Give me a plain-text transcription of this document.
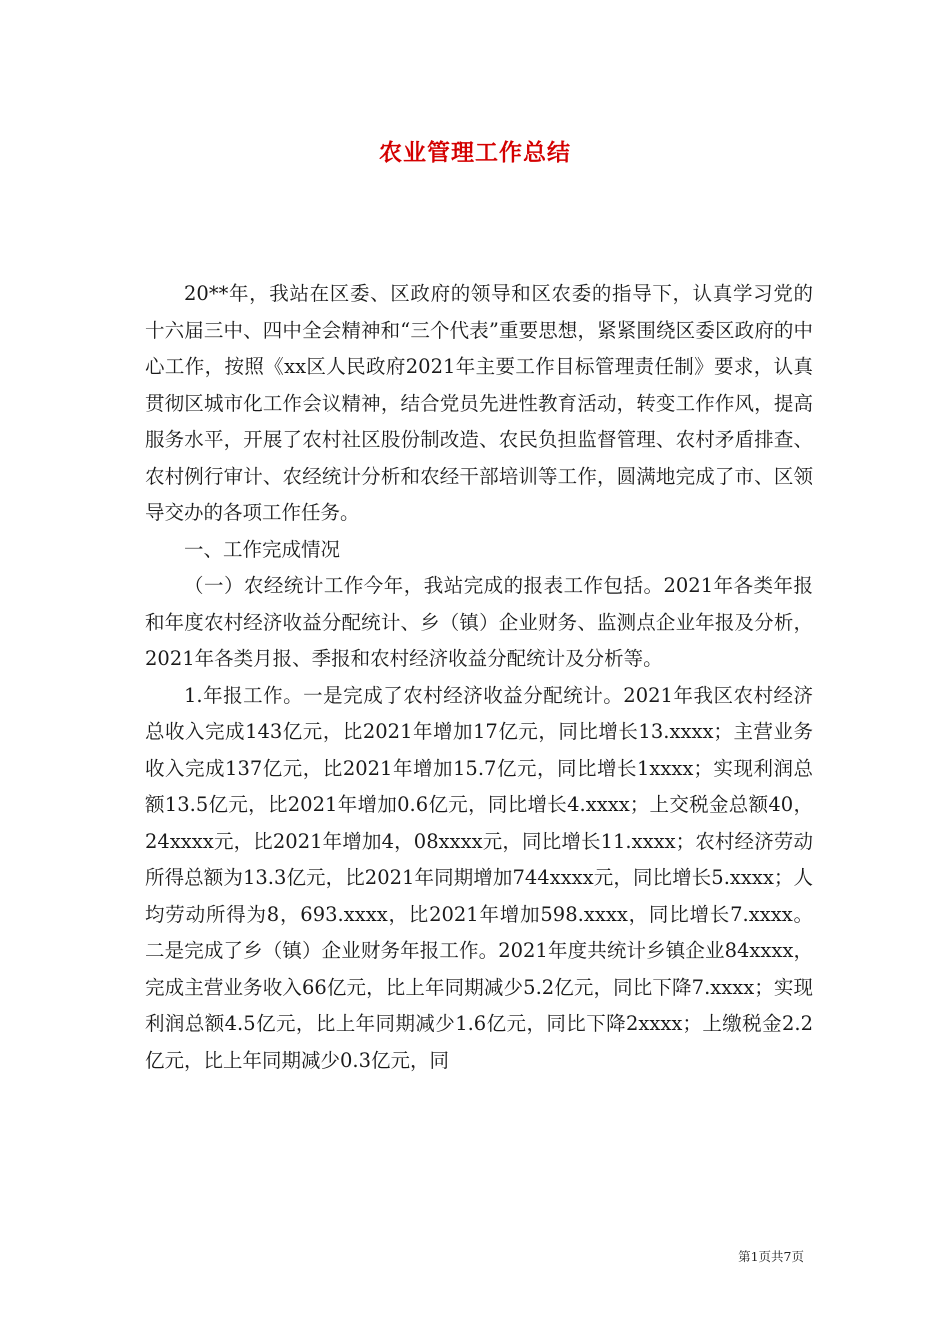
农业管理工作总结

20**年，我站在区委、区政府的领导和区农委的指导下，认真学习党的十六届三中、四中全会精神和“三个代表”重要思想，紧紧围绕区委区政府的中心工作，按照《xx区人民政府2021年主要工作目标管理责任制》要求，认真贯彻区城市化工作会议精神，结合党员先进性教育活动，转变工作作风，提高服务水平，开展了农村社区股份制改造、农民负担监督管理、农村矛盾排查、农村例行审计、农经统计分析和农经干部培训等工作，圆满地完成了市、区领导交办的各项工作任务。

一、工作完成情况

（一）农经统计工作今年，我站完成的报表工作包括。2021年各类年报和年度农村经济收益分配统计、乡（镇）企业财务、监测点企业年报及分析，2021年各类月报、季报和农村经济收益分配统计及分析等。

1.年报工作。一是完成了农村经济收益分配统计。2021年我区农村经济总收入完成143亿元，比2021年增加17亿元，同比增长13.xxxx；主营业务收入完成137亿元，比2021年增加15.7亿元，同比增长1xxxx；实现利润总额13.5亿元，比2021年增加0.6亿元，同比增长4.xxxx；上交税金总额40，24xxxx元，比2021年增加4，08xxxx元，同比增长11.xxxx；农村经济劳动所得总额为13.3亿元，比2021年同期增加744xxxx元，同比增长5.xxxx；人均劳动所得为8，693.xxxx，比2021年增加598.xxxx，同比增长7.xxxx。二是完成了乡（镇）企业财务年报工作。2021年度共统计乡镇企业84xxxx，完成主营业务收入66亿元，比上年同期减少5.2亿元，同比下降7.xxxx；实现利润总额4.5亿元，比上年同期减少1.6亿元，同比下降2xxxx；上缴税金2.2亿元，比上年同期减少0.3亿元，同

第1页共7页
